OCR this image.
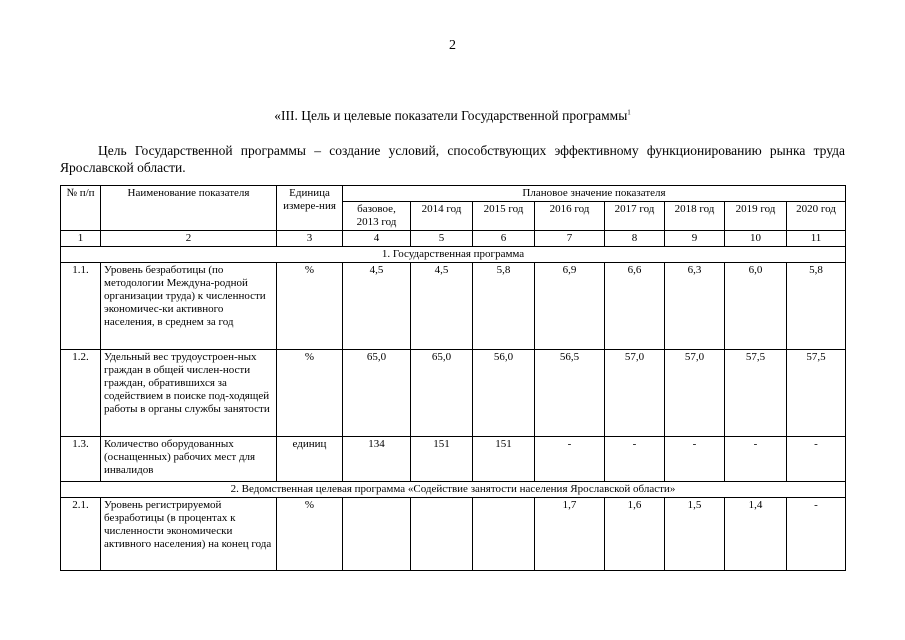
2
«III. Цель и целевые показатели Государственной программы$^1$
Цель Государственной программы – создание условий, способствующих эффективному функционированию рынка труда Ярославской области.
№ п/п	Наименование показателя	Единица измере-ния	Плановое значение показателя							
			базовое, 2013 год	2014 год	2015 год	2016 год	2017 год	2018 год	2019 год	2020 год
1	2	3	4	5	6	7	8	9	10	11
1. Государственная программа										
1.1.	Уровень безработицы (по методологии Междуна-родной организации труда) к численности экономичес-ки активного населения, в среднем за год	%	4,5	4,5	5,8	6,9	6,6	6,3	6,0	5,8
1.2.	Удельный вес трудоустроен-ных граждан в общей числен-ности граждан, обратившихся за содействием в поиске под-ходящей работы в органы службы занятости	%	65,0	65,0	56,0	56,5	57,0	57,0	57,5	57,5
1.3.	Количество оборудованных (оснащенных) рабочих мест для инвалидов	единиц	134	151	151	-	-	-	-	-
2. Ведомственная целевая программа «Содействие занятости населения Ярославской области»										
2.1.	Уровень регистрируемой безработицы (в процентах к численности экономически активного населения) на конец года	%				1,7	1,6	1,5	1,4	-
